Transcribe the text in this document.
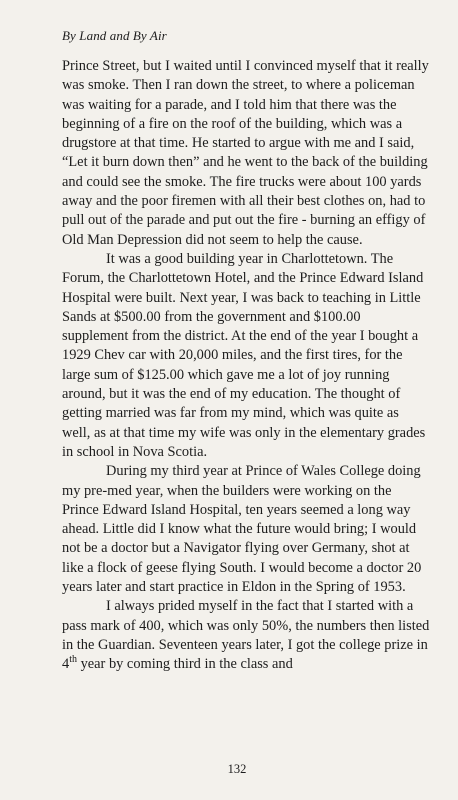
By Land and By Air

Prince Street, but I waited until I convinced myself that it really was smoke. Then I ran down the street, to where a policeman was waiting for a parade, and I told him that there was the beginning of a fire on the roof of the building, which was a drugstore at that time. He started to argue with me and I said, “Let it burn down then” and he went to the back of the building and could see the smoke. The fire trucks were about 100 yards away and the poor firemen with all their best clothes on, had to pull out of the parade and put out the fire - burning an effigy of Old Man Depression did not seem to help the cause.

It was a good building year in Charlottetown. The Forum, the Charlottetown Hotel, and the Prince Edward Island Hospital were built. Next year, I was back to teaching in Little Sands at $500.00 from the government and $100.00 supplement from the district. At the end of the year I bought a 1929 Chev car with 20,000 miles, and the first tires, for the large sum of $125.00 which gave me a lot of joy running around, but it was the end of my education. The thought of getting married was far from my mind, which was quite as well, as at that time my wife was only in the elementary grades in school in Nova Scotia.

During my third year at Prince of Wales College doing my pre-med year, when the builders were working on the Prince Edward Island Hospital, ten years seemed a long way ahead. Little did I know what the future would bring; I would not be a doctor but a Navigator flying over Germany, shot at like a flock of geese flying South. I would become a doctor 20 years later and start practice in Eldon in the Spring of 1953.

I always prided myself in the fact that I started with a pass mark of 400, which was only 50%, the numbers then listed in the Guardian. Seventeen years later, I got the college prize in 4th year by coming third in the class and

132
